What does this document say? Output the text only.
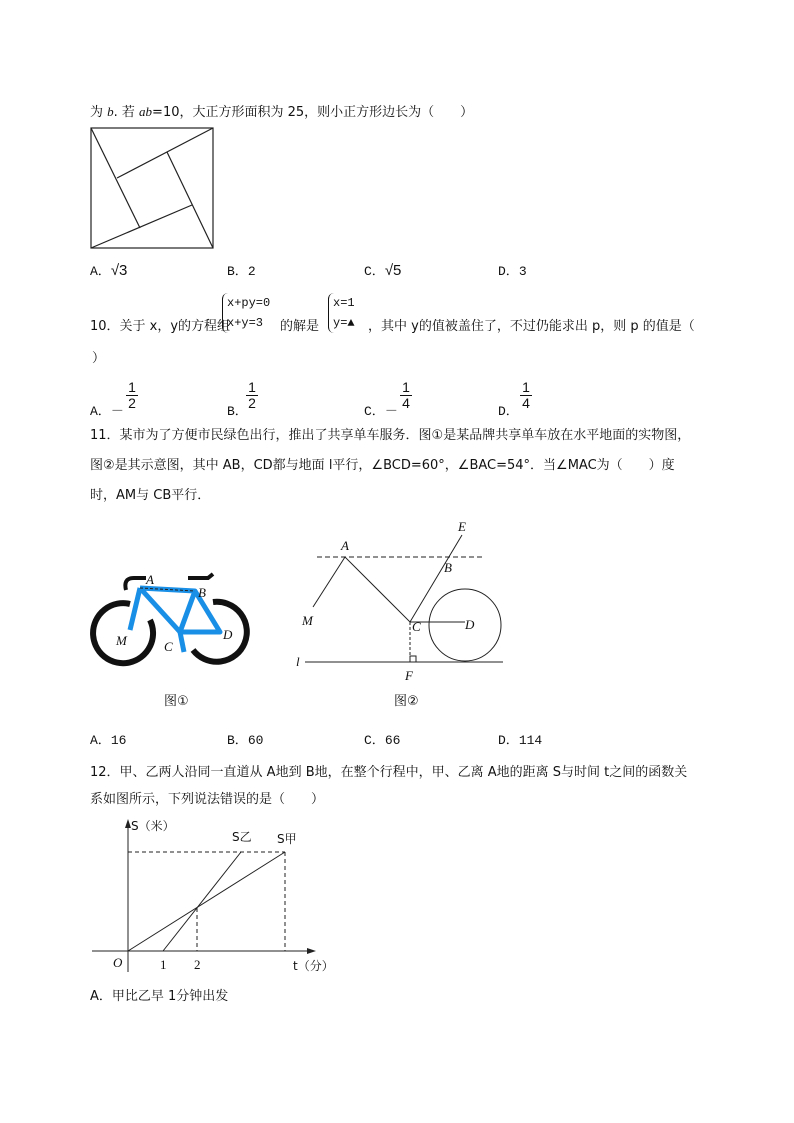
为 b. 若 ab=10，大正方形面积为 25，则小正方形边长为（　　）
A．√3	B．2	C．√5	D．3
10．关于 x，y的方程组
x+py=0
x+y=3	的解是
x=1
y=▲ ，其中 y的值被盖住了，不过仍能求出 p，则 p 的值是（
）
A．－
$\frac{1}{2}$
B．
$\frac{1}{2}$
C．－
$\frac{1}{4}$
D．
$\frac{1}{4}$
11．某市为了方便市民绿色出行，推出了共享单车服务．图①是某品牌共享单车放在水平地面的实物图，
图②是其示意图，其中 AB，CD都与地面 l平行，∠BCD=60°，∠BAC=54°．当∠MAC为（　　）度
时，AM与 CB平行．
A
B
C
D
M
图①
A
B
C	D
E
F
M
l
图②
A．16	B．60	C．66	D．114
12．甲、乙两人沿同一直道从 A地到 B地，在整个行程中，甲、乙离 A地的距离 S与时间 t之间的函数关
系如图所示，下列说法错误的是（　　）
S（米）
t（分）
O	1 2
S乙 S甲
A．甲比乙早 1分钟出发
